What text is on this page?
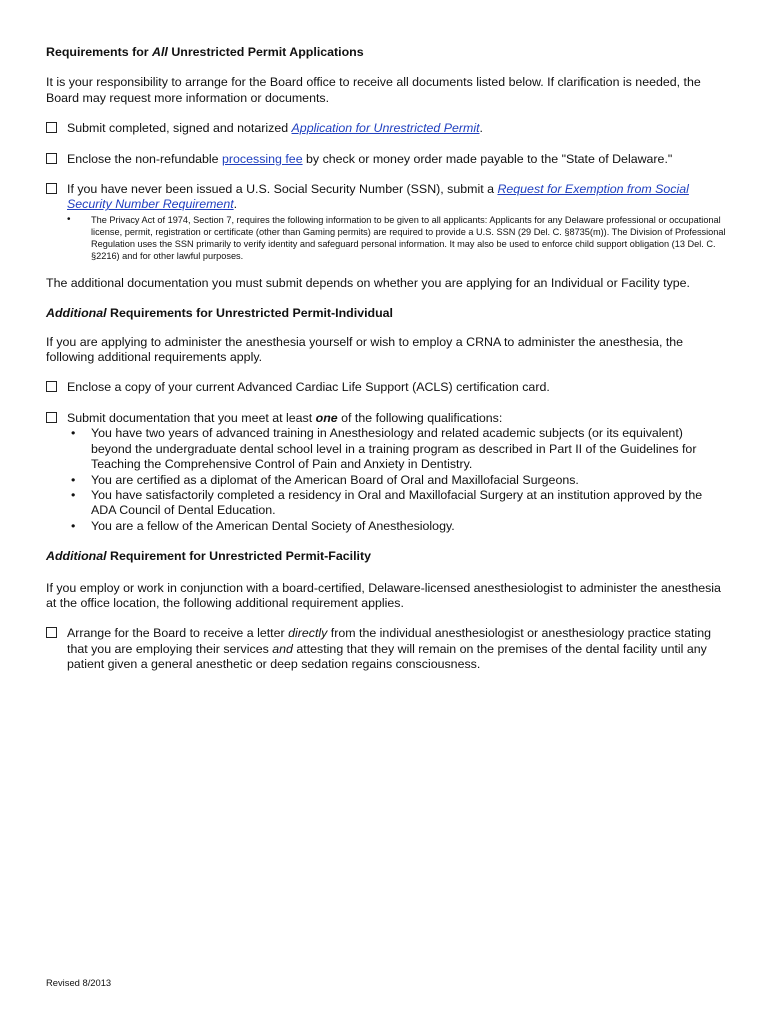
Requirements for All Unrestricted Permit Applications

It is your responsibility to arrange for the Board office to receive all documents listed below. If clarification is needed, the Board may request more information or documents.

Submit completed, signed and notarized Application for Unrestricted Permit.
Enclose the non-refundable processing fee by check or money order made payable to the "State of Delaware."
If you have never been issued a U.S. Social Security Number (SSN), submit a Request for Exemption from Social Security Number Requirement.
• The Privacy Act of 1974, Section 7, requires the following information to be given to all applicants: Applicants for any Delaware professional or occupational license, permit, registration or certificate (other than Gaming permits) are required to provide a U.S. SSN (29 Del. C. §8735(m)). The Division of Professional Regulation uses the SSN primarily to verify identity and safeguard personal information. It may also be used to enforce child support obligation (13 Del. C. §2216) and for other lawful purposes.

The additional documentation you must submit depends on whether you are applying for an Individual or Facility type.

Additional Requirements for Unrestricted Permit-Individual

If you are applying to administer the anesthesia yourself or wish to employ a CRNA to administer the anesthesia, the following additional requirements apply.

Enclose a copy of your current Advanced Cardiac Life Support (ACLS) certification card.
Submit documentation that you meet at least one of the following qualifications:
• You have two years of advanced training in Anesthesiology and related academic subjects (or its equivalent) beyond the undergraduate dental school level in a training program as described in Part II of the Guidelines for Teaching the Comprehensive Control of Pain and Anxiety in Dentistry.
• You are certified as a diplomat of the American Board of Oral and Maxillofacial Surgeons.
• You have satisfactorily completed a residency in Oral and Maxillofacial Surgery at an institution approved by the ADA Council of Dental Education.
• You are a fellow of the American Dental Society of Anesthesiology.
Additional Requirement for Unrestricted Permit-Facility

If you employ or work in conjunction with a board-certified, Delaware-licensed anesthesiologist to administer the anesthesia at the office location, the following additional requirement applies.

Arrange for the Board to receive a letter directly from the individual anesthesiologist or anesthesiology practice stating that you are employing their services and attesting that they will remain on the premises of the dental facility until any patient given a general anesthetic or deep sedation regains consciousness.
Revised 8/2013
